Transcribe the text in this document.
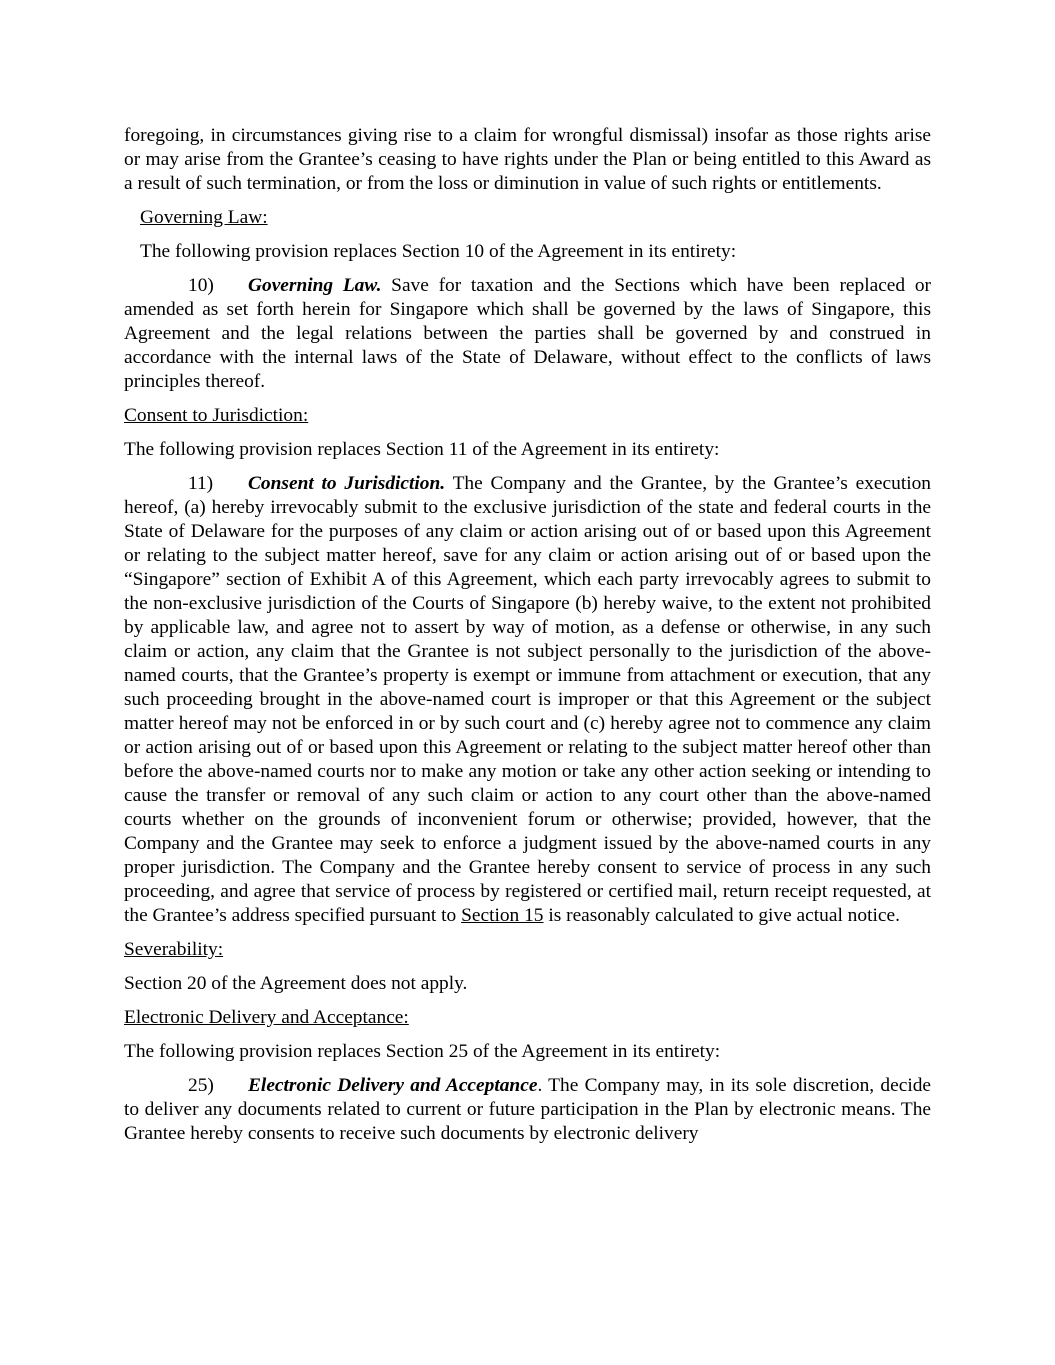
foregoing, in circumstances giving rise to a claim for wrongful dismissal) insofar as those rights arise or may arise from the Grantee’s ceasing to have rights under the Plan or being entitled to this Award as a result of such termination, or from the loss or diminution in value of such rights or entitlements.

Governing Law:

The following provision replaces Section 10 of the Agreement in its entirety:

10) Governing Law. Save for taxation and the Sections which have been replaced or amended as set forth herein for Singapore which shall be governed by the laws of Singapore, this Agreement and the legal relations between the parties shall be governed by and construed in accordance with the internal laws of the State of Delaware, without effect to the conflicts of laws principles thereof.

Consent to Jurisdiction:

The following provision replaces Section 11 of the Agreement in its entirety:

11) Consent to Jurisdiction. The Company and the Grantee, by the Grantee’s execution hereof, (a) hereby irrevocably submit to the exclusive jurisdiction of the state and federal courts in the State of Delaware for the purposes of any claim or action arising out of or based upon this Agreement or relating to the subject matter hereof, save for any claim or action arising out of or based upon the “Singapore” section of Exhibit A of this Agreement, which each party irrevocably agrees to submit to the non-exclusive jurisdiction of the Courts of Singapore (b) hereby waive, to the extent not prohibited by applicable law, and agree not to assert by way of motion, as a defense or otherwise, in any such claim or action, any claim that the Grantee is not subject personally to the jurisdiction of the above-named courts, that the Grantee’s property is exempt or immune from attachment or execution, that any such proceeding brought in the above-named court is improper or that this Agreement or the subject matter hereof may not be enforced in or by such court and (c) hereby agree not to commence any claim or action arising out of or based upon this Agreement or relating to the subject matter hereof other than before the above-named courts nor to make any motion or take any other action seeking or intending to cause the transfer or removal of any such claim or action to any court other than the above-named courts whether on the grounds of inconvenient forum or otherwise; provided, however, that the Company and the Grantee may seek to enforce a judgment issued by the above-named courts in any proper jurisdiction. The Company and the Grantee hereby consent to service of process in any such proceeding, and agree that service of process by registered or certified mail, return receipt requested, at the Grantee’s address specified pursuant to Section 15 is reasonably calculated to give actual notice.

Severability:

Section 20 of the Agreement does not apply.

Electronic Delivery and Acceptance:

The following provision replaces Section 25 of the Agreement in its entirety:

25) Electronic Delivery and Acceptance. The Company may, in its sole discretion, decide to deliver any documents related to current or future participation in the Plan by electronic means. The Grantee hereby consents to receive such documents by electronic delivery
